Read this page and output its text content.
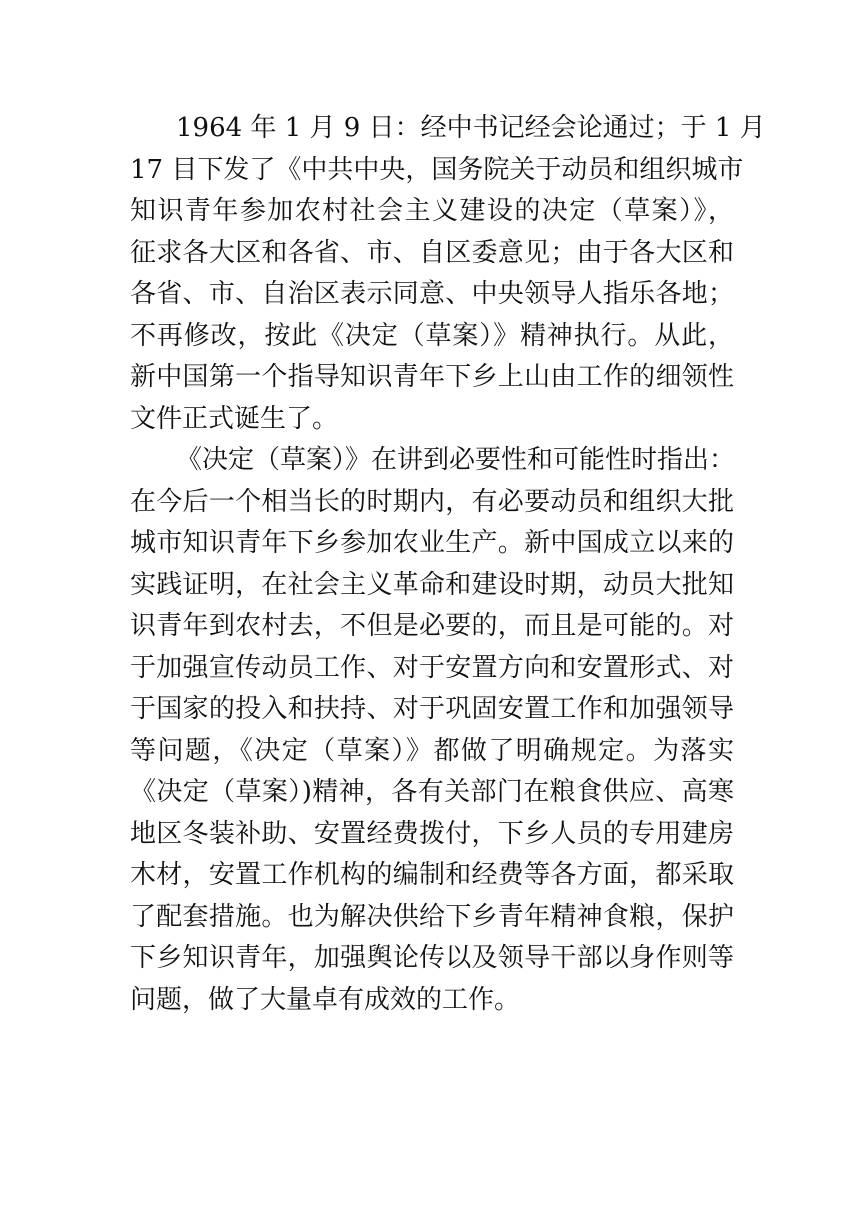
1964 年 1 月 9 日：经中书记经会论通过；于 1 月
17 目下发了《中共中央，国务院关于动员和组织城市
知识青年参加农村社会主义建设的决定（草案）》，
征求各大区和各省、市、自区委意见；由于各大区和
各省、市、自治区表示同意、中央领导人指乐各地；
不再修改，按此《决定（草案）》精神执行。从此，
新中国第一个指导知识青年下乡上山由工作的细领性
文件正式诞生了。
《决定（草案）》在讲到必要性和可能性时指出：
在今后一个相当长的时期内，有必要动员和组织大批
城市知识青年下乡参加农业生产。新中国成立以来的
实践证明，在社会主义革命和建设时期，动员大批知
识青年到农村去，不但是必要的，而且是可能的。对
于加强宣传动员工作、对于安置方向和安置形式、对
于国家的投入和扶持、对于巩固安置工作和加强领导
等问题，《决定（草案）》都做了明确规定。为落实
《决定（草案）)精神，各有关部门在粮食供应、高寒
地区冬装补助、安置经费拨付，下乡人员的专用建房
木材，安置工作机构的编制和经费等各方面，都采取
了配套措施。也为解决供给下乡青年精神食粮，保护
下乡知识青年，加强舆论传以及领导干部以身作则等
问题，做了大量卓有成效的工作。
